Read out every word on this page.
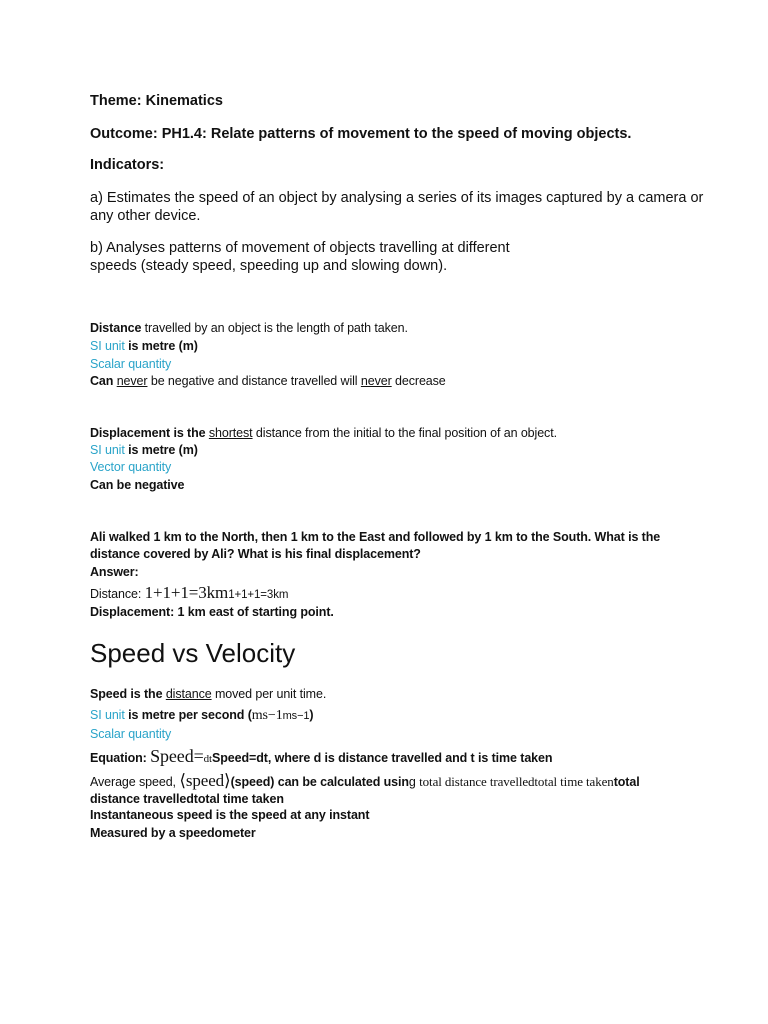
Theme: Kinematics
Outcome: PH1.4: Relate patterns of movement to the speed of moving objects.
Indicators:
a) Estimates the speed of an object by analysing a series of its images captured by a camera or
any other device.
b) Analyses patterns of movement of objects travelling at different
speeds (steady speed, speeding up and slowing down).
Distance travelled by an object is the length of path taken.
SI unit is metre (m)
Scalar quantity
Can never be negative and distance travelled will never decrease
Displacement is the shortest distance from the initial to the final position of an object.
SI unit is metre (m)
Vector quantity
Can be negative
Ali walked 1 km to the North, then 1 km to the East and followed by 1 km to the South. What is the
distance covered by Ali? What is his final displacement?
Answer:
Distance: 1+1+1=3km1+1+1=3km
Displacement: 1 km east of starting point.
Speed vs Velocity
Speed is the distance moved per unit time.
SI unit is metre per second (ms−1ms−1)
Scalar quantity
Equation: Speed=dtSpeed=dt, where d is distance travelled and t is time taken
Average speed, ⟨speed⟩(speed) can be calculated using total distance travelledtotal time takentotal
distance travelledtotal time taken
Instantaneous speed is the speed at any instant
Measured by a speedometer
